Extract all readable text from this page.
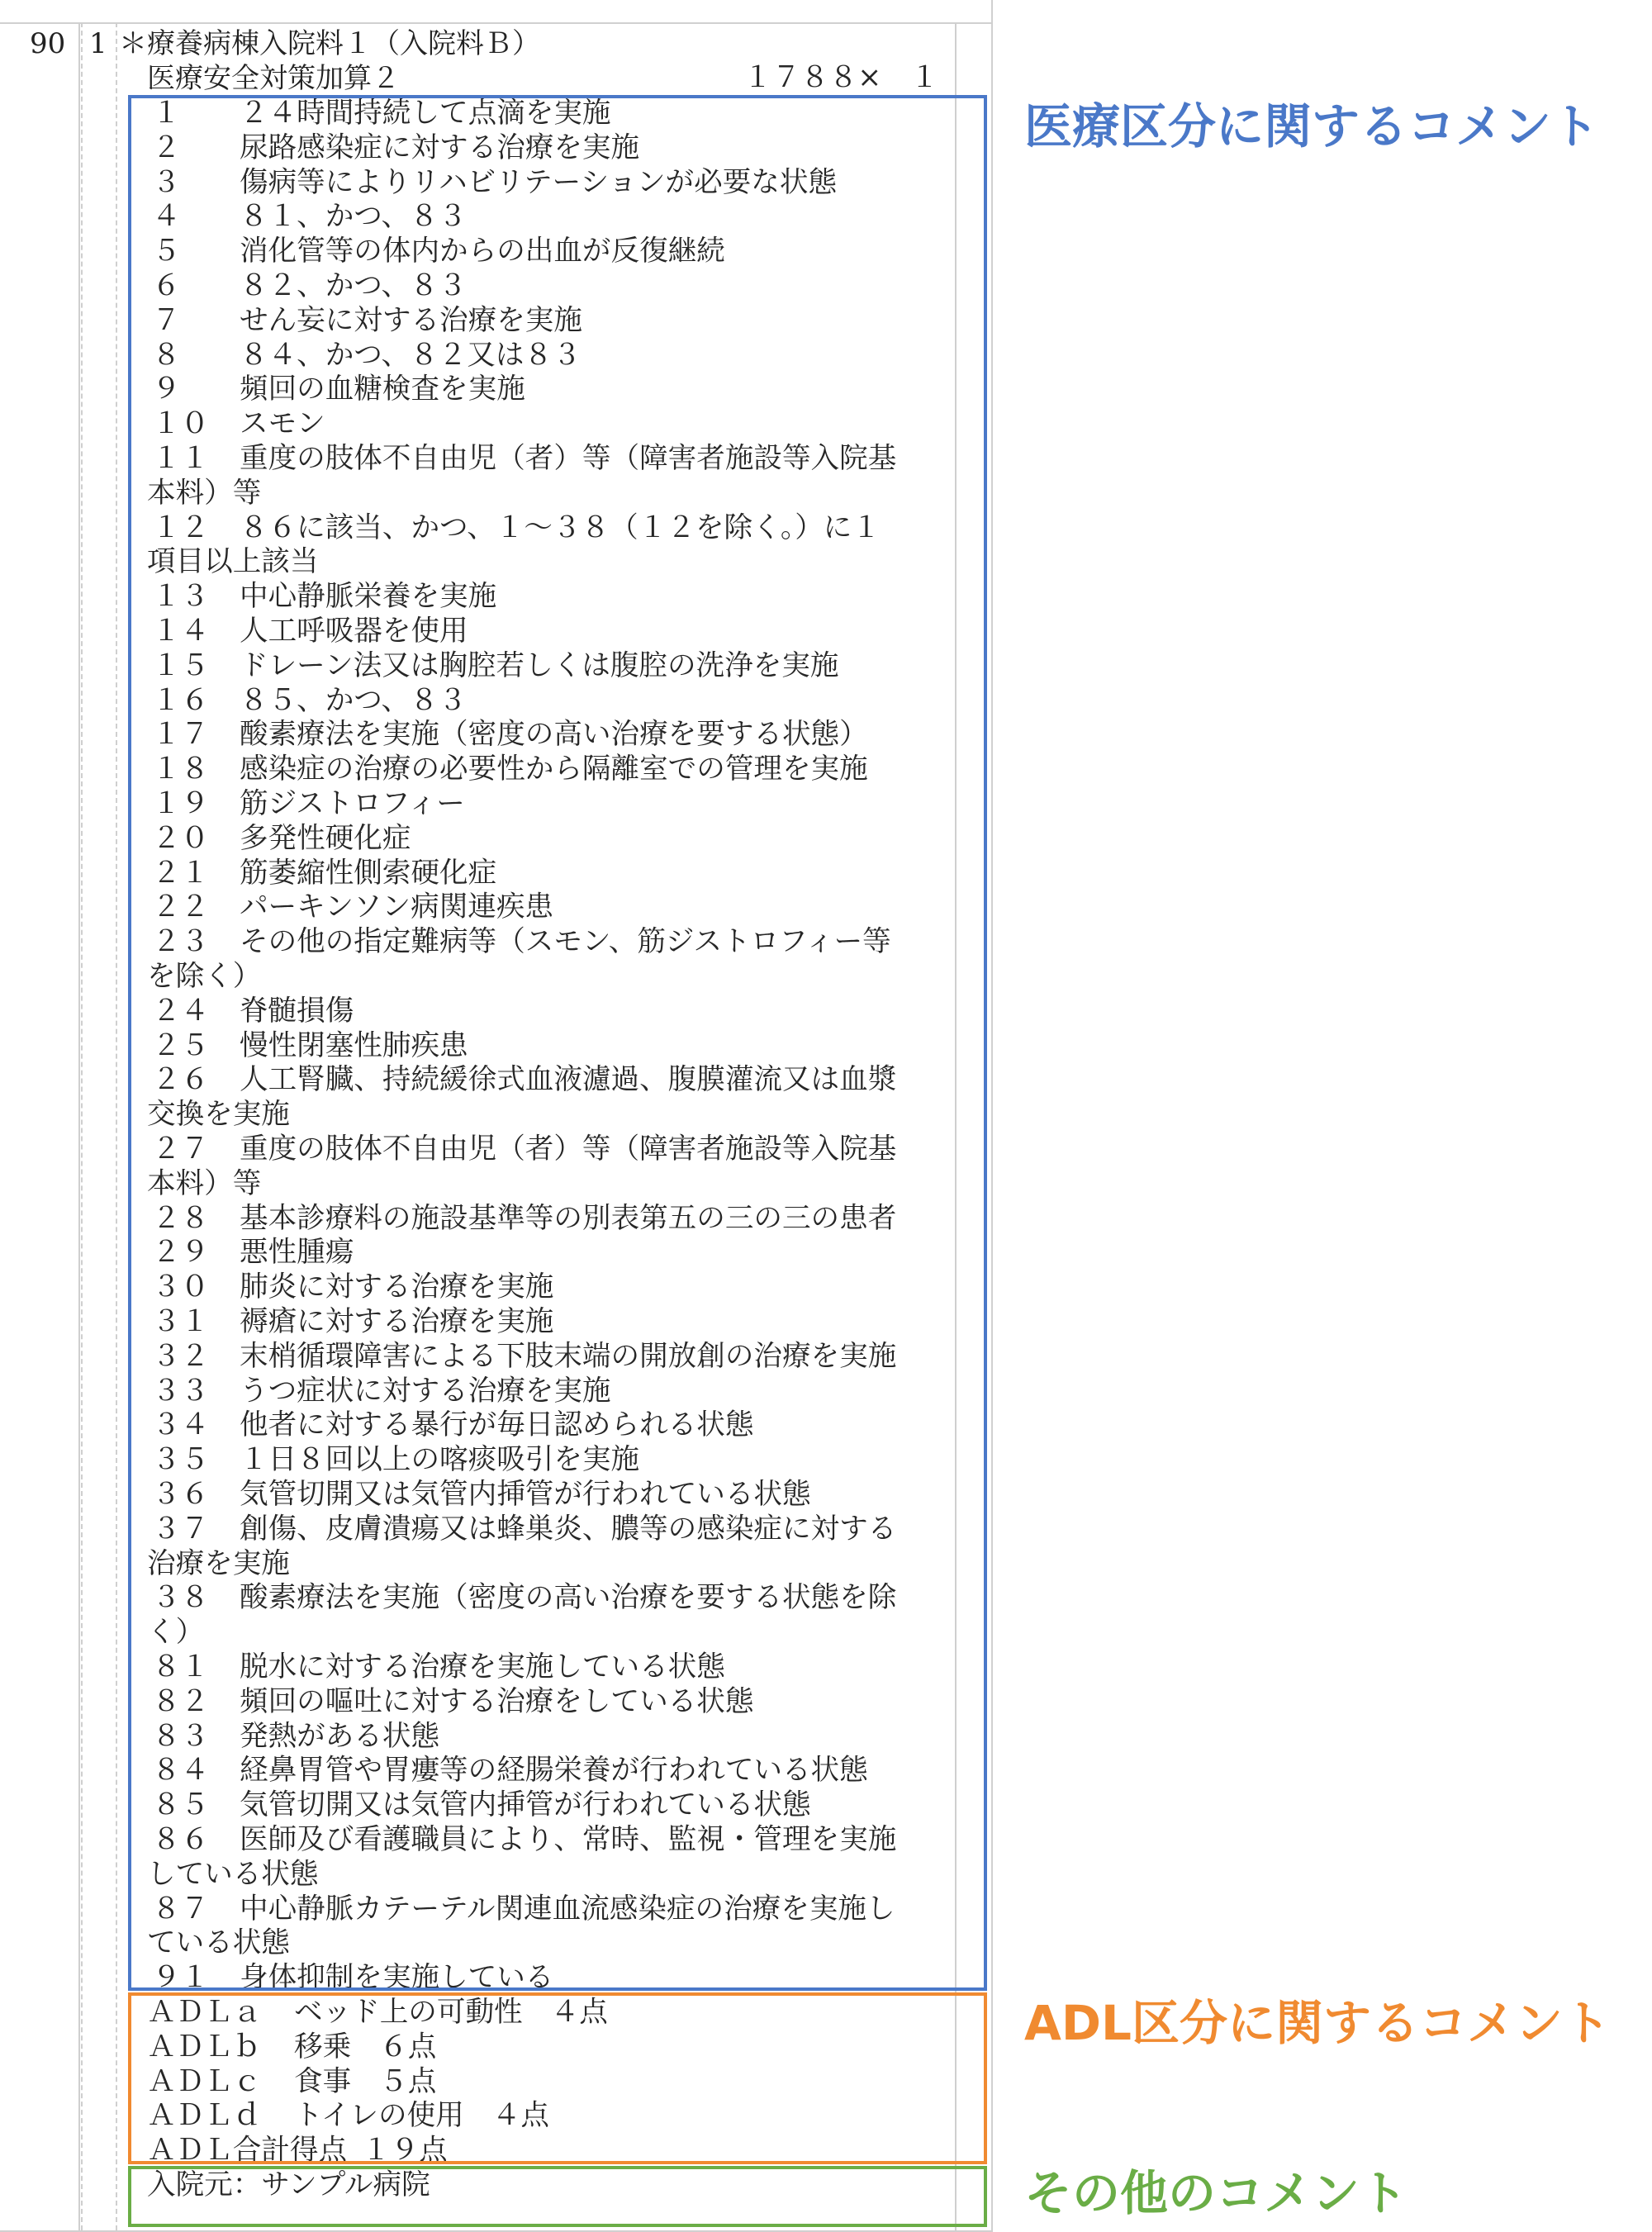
90 1 ＊療養病棟入院料１（入院料Ｂ）
医療安全対策加算２	１７８８×　１
１ ２４時間持続して点滴を実施
２ 尿路感染症に対する治療を実施
３ 傷病等によりリハビリテーションが必要な状態
４ ８１、かつ、８３
５ 消化管等の体内からの出血が反復継続
６ ８２、かつ、８３
７ せん妄に対する治療を実施
８ ８４、かつ、８２又は８３
９ 頻回の血糖検査を実施
１０ スモン
１１ 重度の肢体不自由児（者）等（障害者施設等入院基
本料）等
１２ ８６に該当、かつ、１〜３８（１２を除く。）に１
項目以上該当
１３ 中心静脈栄養を実施
１４ 人工呼吸器を使用
１５ ドレーン法又は胸腔若しくは腹腔の洗浄を実施
１６ ８５、かつ、８３
１７ 酸素療法を実施（密度の高い治療を要する状態）
１８ 感染症の治療の必要性から隔離室での管理を実施
１９ 筋ジストロフィー
２０ 多発性硬化症
２１ 筋萎縮性側索硬化症
２２ パーキンソン病関連疾患
２３ その他の指定難病等（スモン、筋ジストロフィー等
を除く）
２４ 脊髄損傷
２５ 慢性閉塞性肺疾患
２６ 人工腎臓、持続緩徐式血液濾過、腹膜灌流又は血漿
交換を実施
２７ 重度の肢体不自由児（者）等（障害者施設等入院基
本料）等
２８ 基本診療料の施設基準等の別表第五の三の三の患者
２９ 悪性腫瘍
３０ 肺炎に対する治療を実施
３１ 褥瘡に対する治療を実施
３２ 末梢循環障害による下肢末端の開放創の治療を実施
３３ うつ症状に対する治療を実施
３４ 他者に対する暴行が毎日認められる状態
３５ １日８回以上の喀痰吸引を実施
３６ 気管切開又は気管内挿管が行われている状態
３７ 創傷、皮膚潰瘍又は蜂巣炎、膿等の感染症に対する
治療を実施
３８ 酸素療法を実施（密度の高い治療を要する状態を除
く）
８１ 脱水に対する治療を実施している状態
８２ 頻回の嘔吐に対する治療をしている状態
８３ 発熱がある状態
８４ 経鼻胃管や胃瘻等の経腸栄養が行われている状態
８５ 気管切開又は気管内挿管が行われている状態
８６ 医師及び看護職員により、常時、監視・管理を実施
している状態
８７ 中心静脈カテーテル関連血流感染症の治療を実施し
ている状態
９１ 身体抑制を実施している
ＡＤＬａ ベッド上の可動性 ４点
ＡＤＬｂ 移乗 ６点
ＡＤＬｃ 食事 ５点
ＡＤＬｄ トイレの使用 ４点
ＡＤＬ合計得点 １９点
入院元：サンプル病院
医療区分に関するコメント
ADL区分に関するコメント
その他のコメント
